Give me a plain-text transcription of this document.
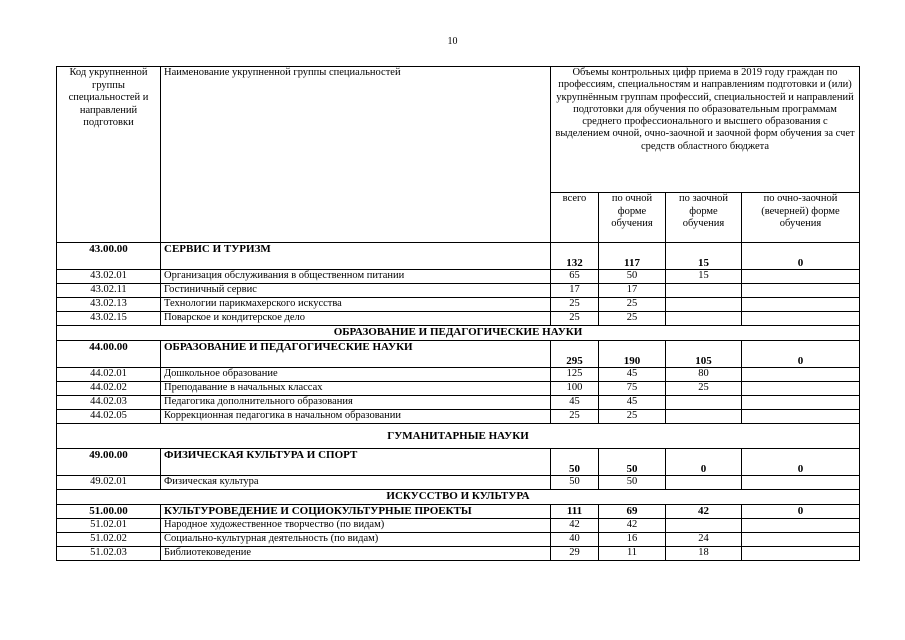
10
Код укрупненной группы специальностей и направлений подготовки	Наименование укрупненной группы специальностей	Объемы контрольных цифр приема в 2019 году граждан по профессиям, специальностям и направлениям подготовки и (или) укрупнённым группам профессий, специальностей и направлений подготовки для обучения по образовательным программам среднего профессионального и высшего образования с выделением очной, очно-заочной и заочной форм обучения за счет средств областного бюджета			
		всего	по очной форме обучения	по заочной форме обучения	по очно-заочной (вечерней) форме обучения
43.00.00	СЕРВИС И ТУРИЗМ	132	117	15	0
43.02.01	Организация обслуживания в общественном питании	65	50	15	
43.02.11	Гостиничный сервис	17	17		
43.02.13	Технологии парикмахерского искусства	25	25		
43.02.15	Поварское и кондитерское дело	25	25		
ОБРАЗОВАНИЕ И ПЕДАГОГИЧЕСКИЕ НАУКИ					
44.00.00	ОБРАЗОВАНИЕ И ПЕДАГОГИЧЕСКИЕ НАУКИ	295	190	105	0
44.02.01	Дошкольное образование	125	45	80	
44.02.02	Преподавание в начальных классах	100	75	25	
44.02.03	Педагогика дополнительного образования	45	45		
44.02.05	Коррекционная педагогика в начальном образовании	25	25		
ГУМАНИТАРНЫЕ НАУКИ					
49.00.00	ФИЗИЧЕСКАЯ КУЛЬТУРА И СПОРТ	50	50	0	0
49.02.01	Физическая культура	50	50		
ИСКУССТВО И КУЛЬТУРА					
51.00.00	КУЛЬТУРОВЕДЕНИЕ И СОЦИОКУЛЬТУРНЫЕ ПРОЕКТЫ	111	69	42	0
51.02.01	Народное художественное творчество (по видам)	42	42		
51.02.02	Социально-культурная деятельность (по видам)	40	16	24	
51.02.03	Библиотековедение	29	11	18	
